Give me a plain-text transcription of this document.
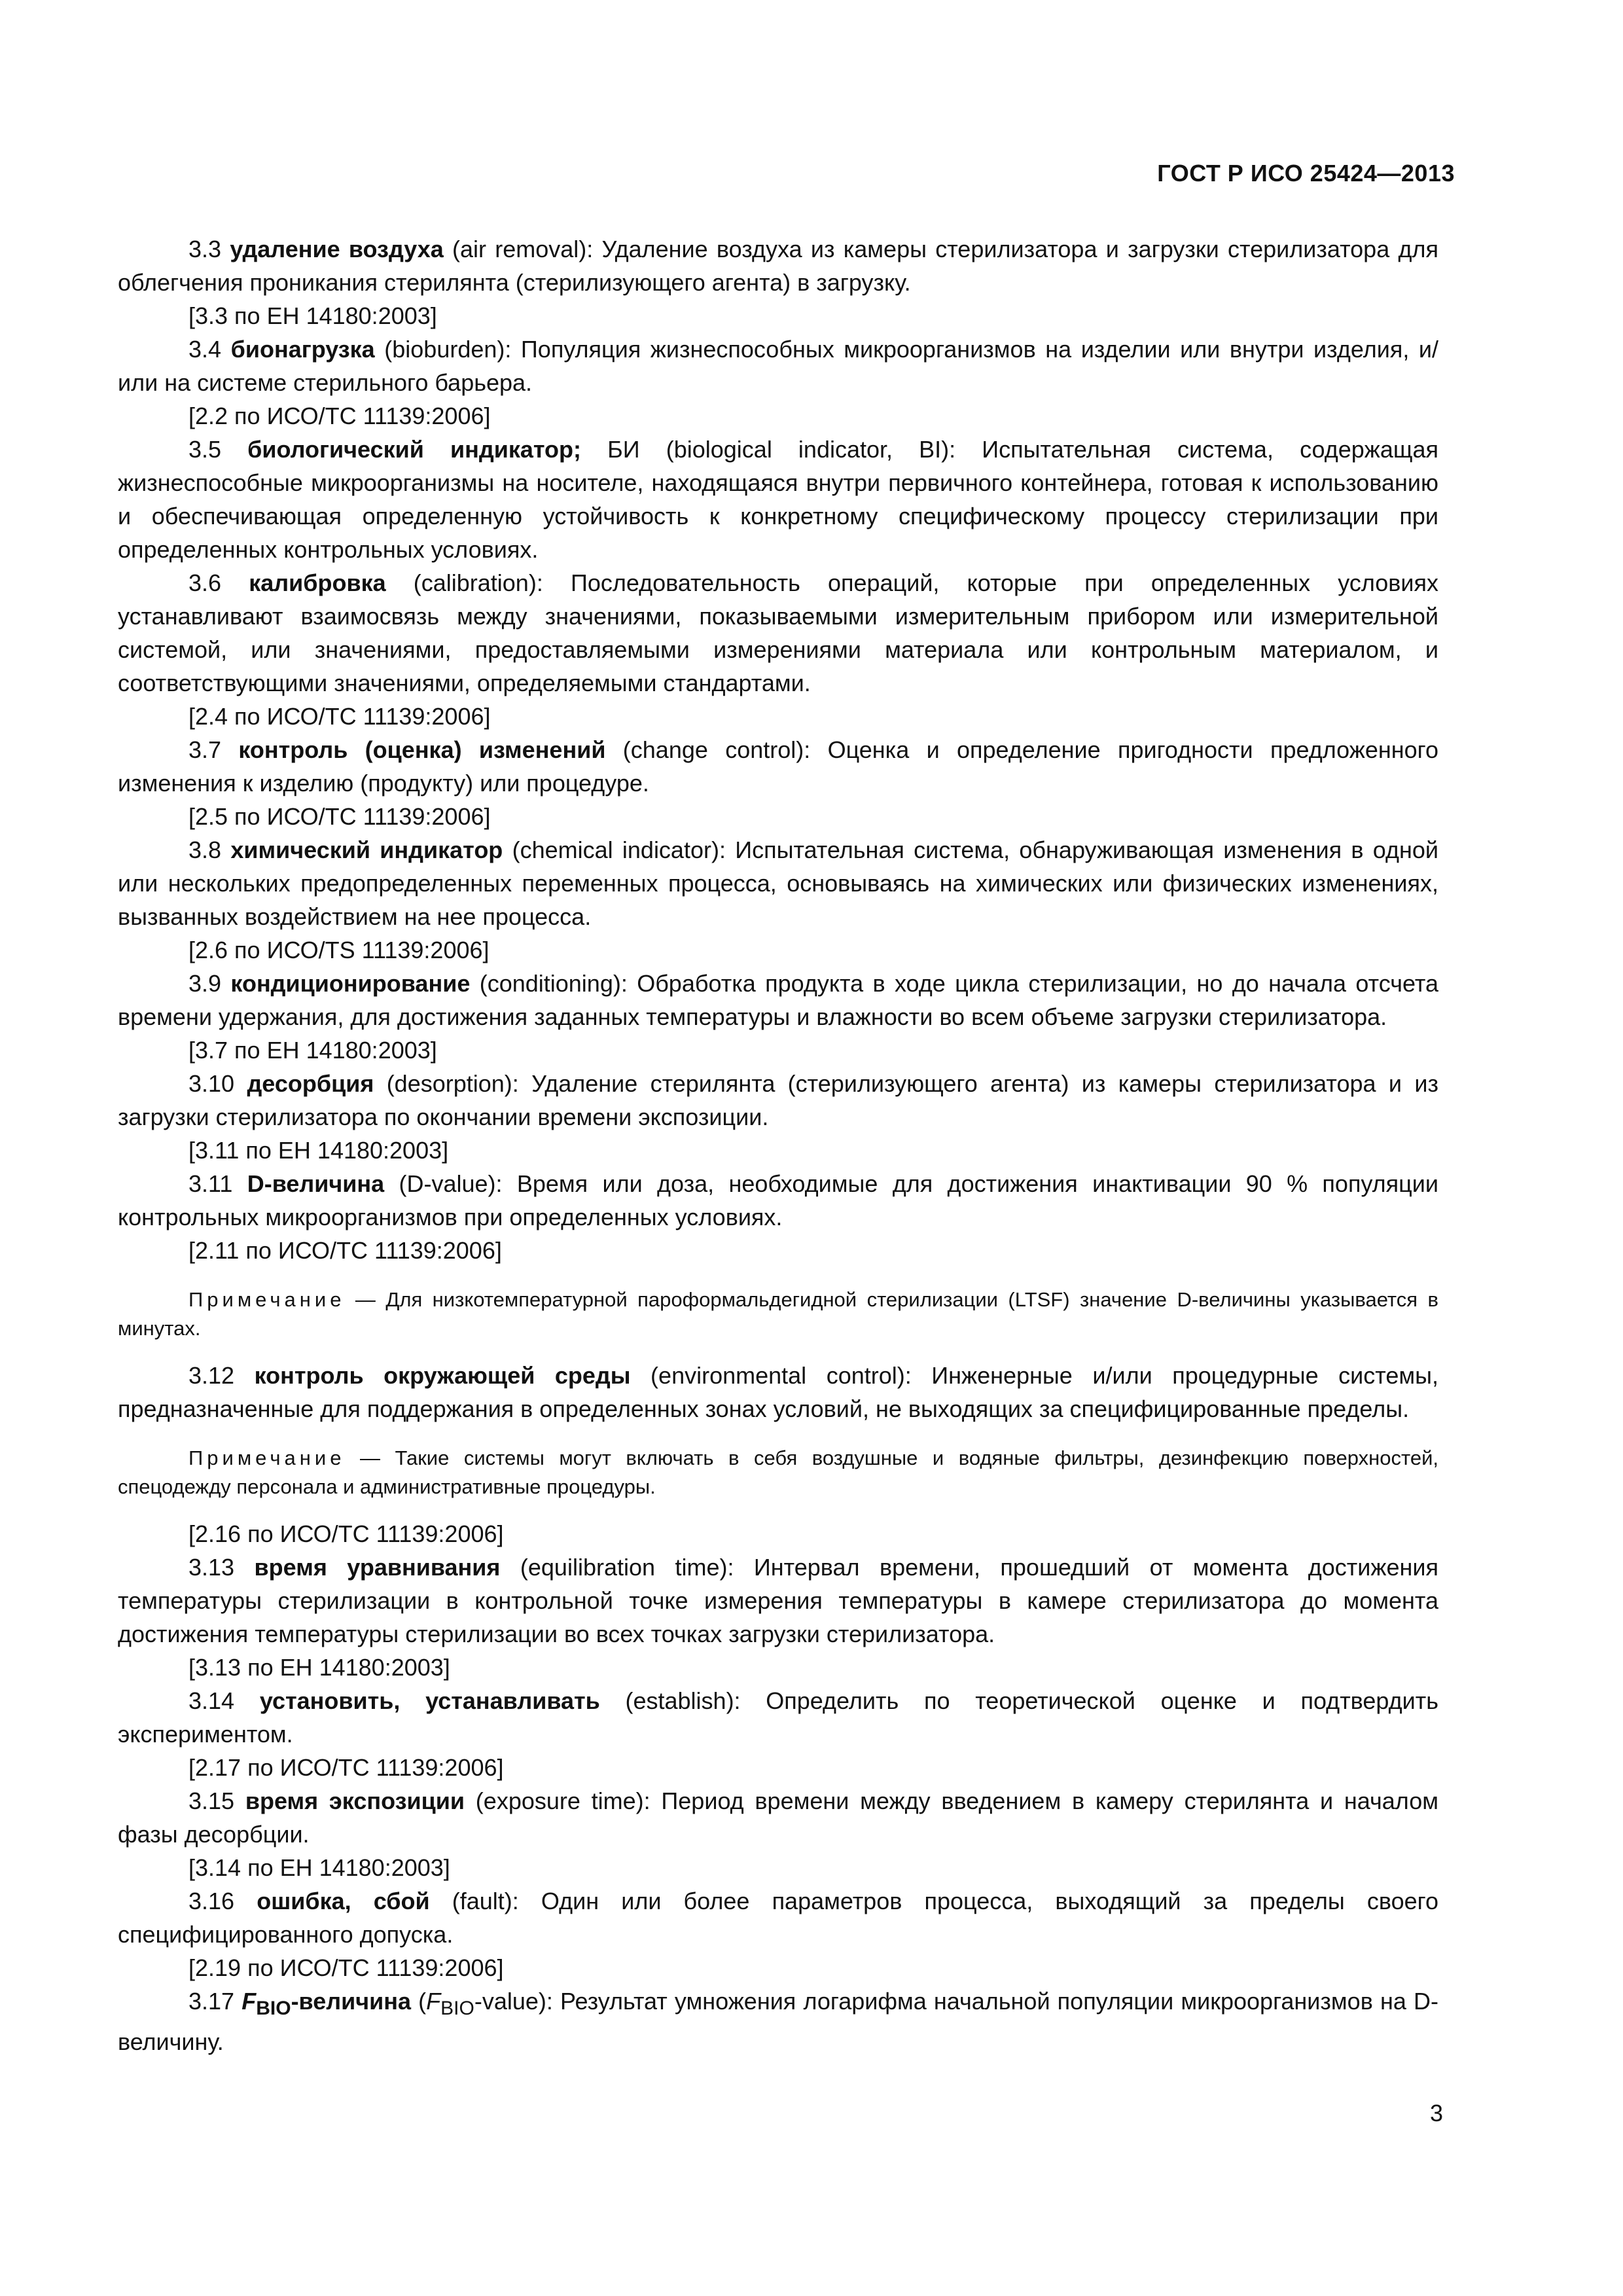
ГОСТ Р ИСО 25424—2013

3.3 удаление воздуха (air removal): Удаление воздуха из камеры стерилизатора и загрузки стерилизатора для облегчения проникания стерилянта (стерилизующего агента) в загрузку.

[3.3 по ЕН 14180:2003]

3.4 бионагрузка (bioburden): Популяция жизнеспособных микроорганизмов на изделии или внутри изделия, и/или на системе стерильного барьера.

[2.2 по ИСО/ТС 11139:2006]

3.5 биологический индикатор; БИ (biological indicator, BI): Испытательная система, содержащая жизнеспособные микроорганизмы на носителе, находящаяся внутри первичного контейнера, готовая к использованию и обеспечивающая определенную устойчивость к конкретному специфическому процессу стерилизации при определенных контрольных условиях.

3.6 калибровка (calibration): Последовательность операций, которые при определенных условиях устанавливают взаимосвязь между значениями, показываемыми измерительным прибором или измерительной системой, или значениями, предоставляемыми измерениями материала или контрольным материалом, и соответствующими значениями, определяемыми стандартами.

[2.4 по ИСО/ТС 11139:2006]

3.7 контроль (оценка) изменений (change control): Оценка и определение пригодности предложенного изменения к изделию (продукту) или процедуре.

[2.5 по ИСО/ТС 11139:2006]

3.8 химический индикатор (chemical indicator): Испытательная система, обнаруживающая изменения в одной или нескольких предопределенных переменных процесса, основываясь на химических или физических изменениях, вызванных воздействием на нее процесса.

[2.6 по ИСО/TS 11139:2006]

3.9 кондиционирование (conditioning): Обработка продукта в ходе цикла стерилизации, но до начала отсчета времени удержания, для достижения заданных температуры и влажности во всем объеме загрузки стерилизатора.

[3.7 по ЕН 14180:2003]

3.10 десорбция (desorption): Удаление стерилянта (стерилизующего агента) из камеры стерилизатора и из загрузки стерилизатора по окончании времени экспозиции.

[3.11 по ЕН 14180:2003]

3.11 D-величина (D-value): Время или доза, необходимые для достижения инактивации 90 % популяции контрольных микроорганизмов при определенных условиях.

[2.11 по ИСО/ТС 11139:2006]

Примечание — Для низкотемпературной пароформальдегидной стерилизации (LTSF) значение D-величины указывается в минутах.

3.12 контроль окружающей среды (environmental control): Инженерные и/или процедурные системы, предназначенные для поддержания в определенных зонах условий, не выходящих за специфицированные пределы.

Примечание — Такие системы могут включать в себя воздушные и водяные фильтры, дезинфекцию поверхностей, спецодежду персонала и административные процедуры.

[2.16 по ИСО/ТС 11139:2006]

3.13 время уравнивания (equilibration time): Интервал времени, прошедший от момента достижения температуры стерилизации в контрольной точке измерения температуры в камере стерилизатора до момента достижения температуры стерилизации во всех точках загрузки стерилизатора.

[3.13 по ЕН 14180:2003]

3.14 установить, устанавливать (establish): Определить по теоретической оценке и подтвердить экспериментом.

[2.17 по ИСО/ТС 11139:2006]

3.15 время экспозиции (exposure time): Период времени между введением в камеру стерилянта и началом фазы десорбции.

[3.14 по ЕН 14180:2003]

3.16 ошибка, сбой (fault): Один или более параметров процесса, выходящий за пределы своего специфицированного допуска.

[2.19 по ИСО/ТС 11139:2006]

3.17 $F_{BIO}$-величина $(F_{BIO}-value)$: Результат умножения логарифма начальной популяции микроорганизмов на D-величину.

3
